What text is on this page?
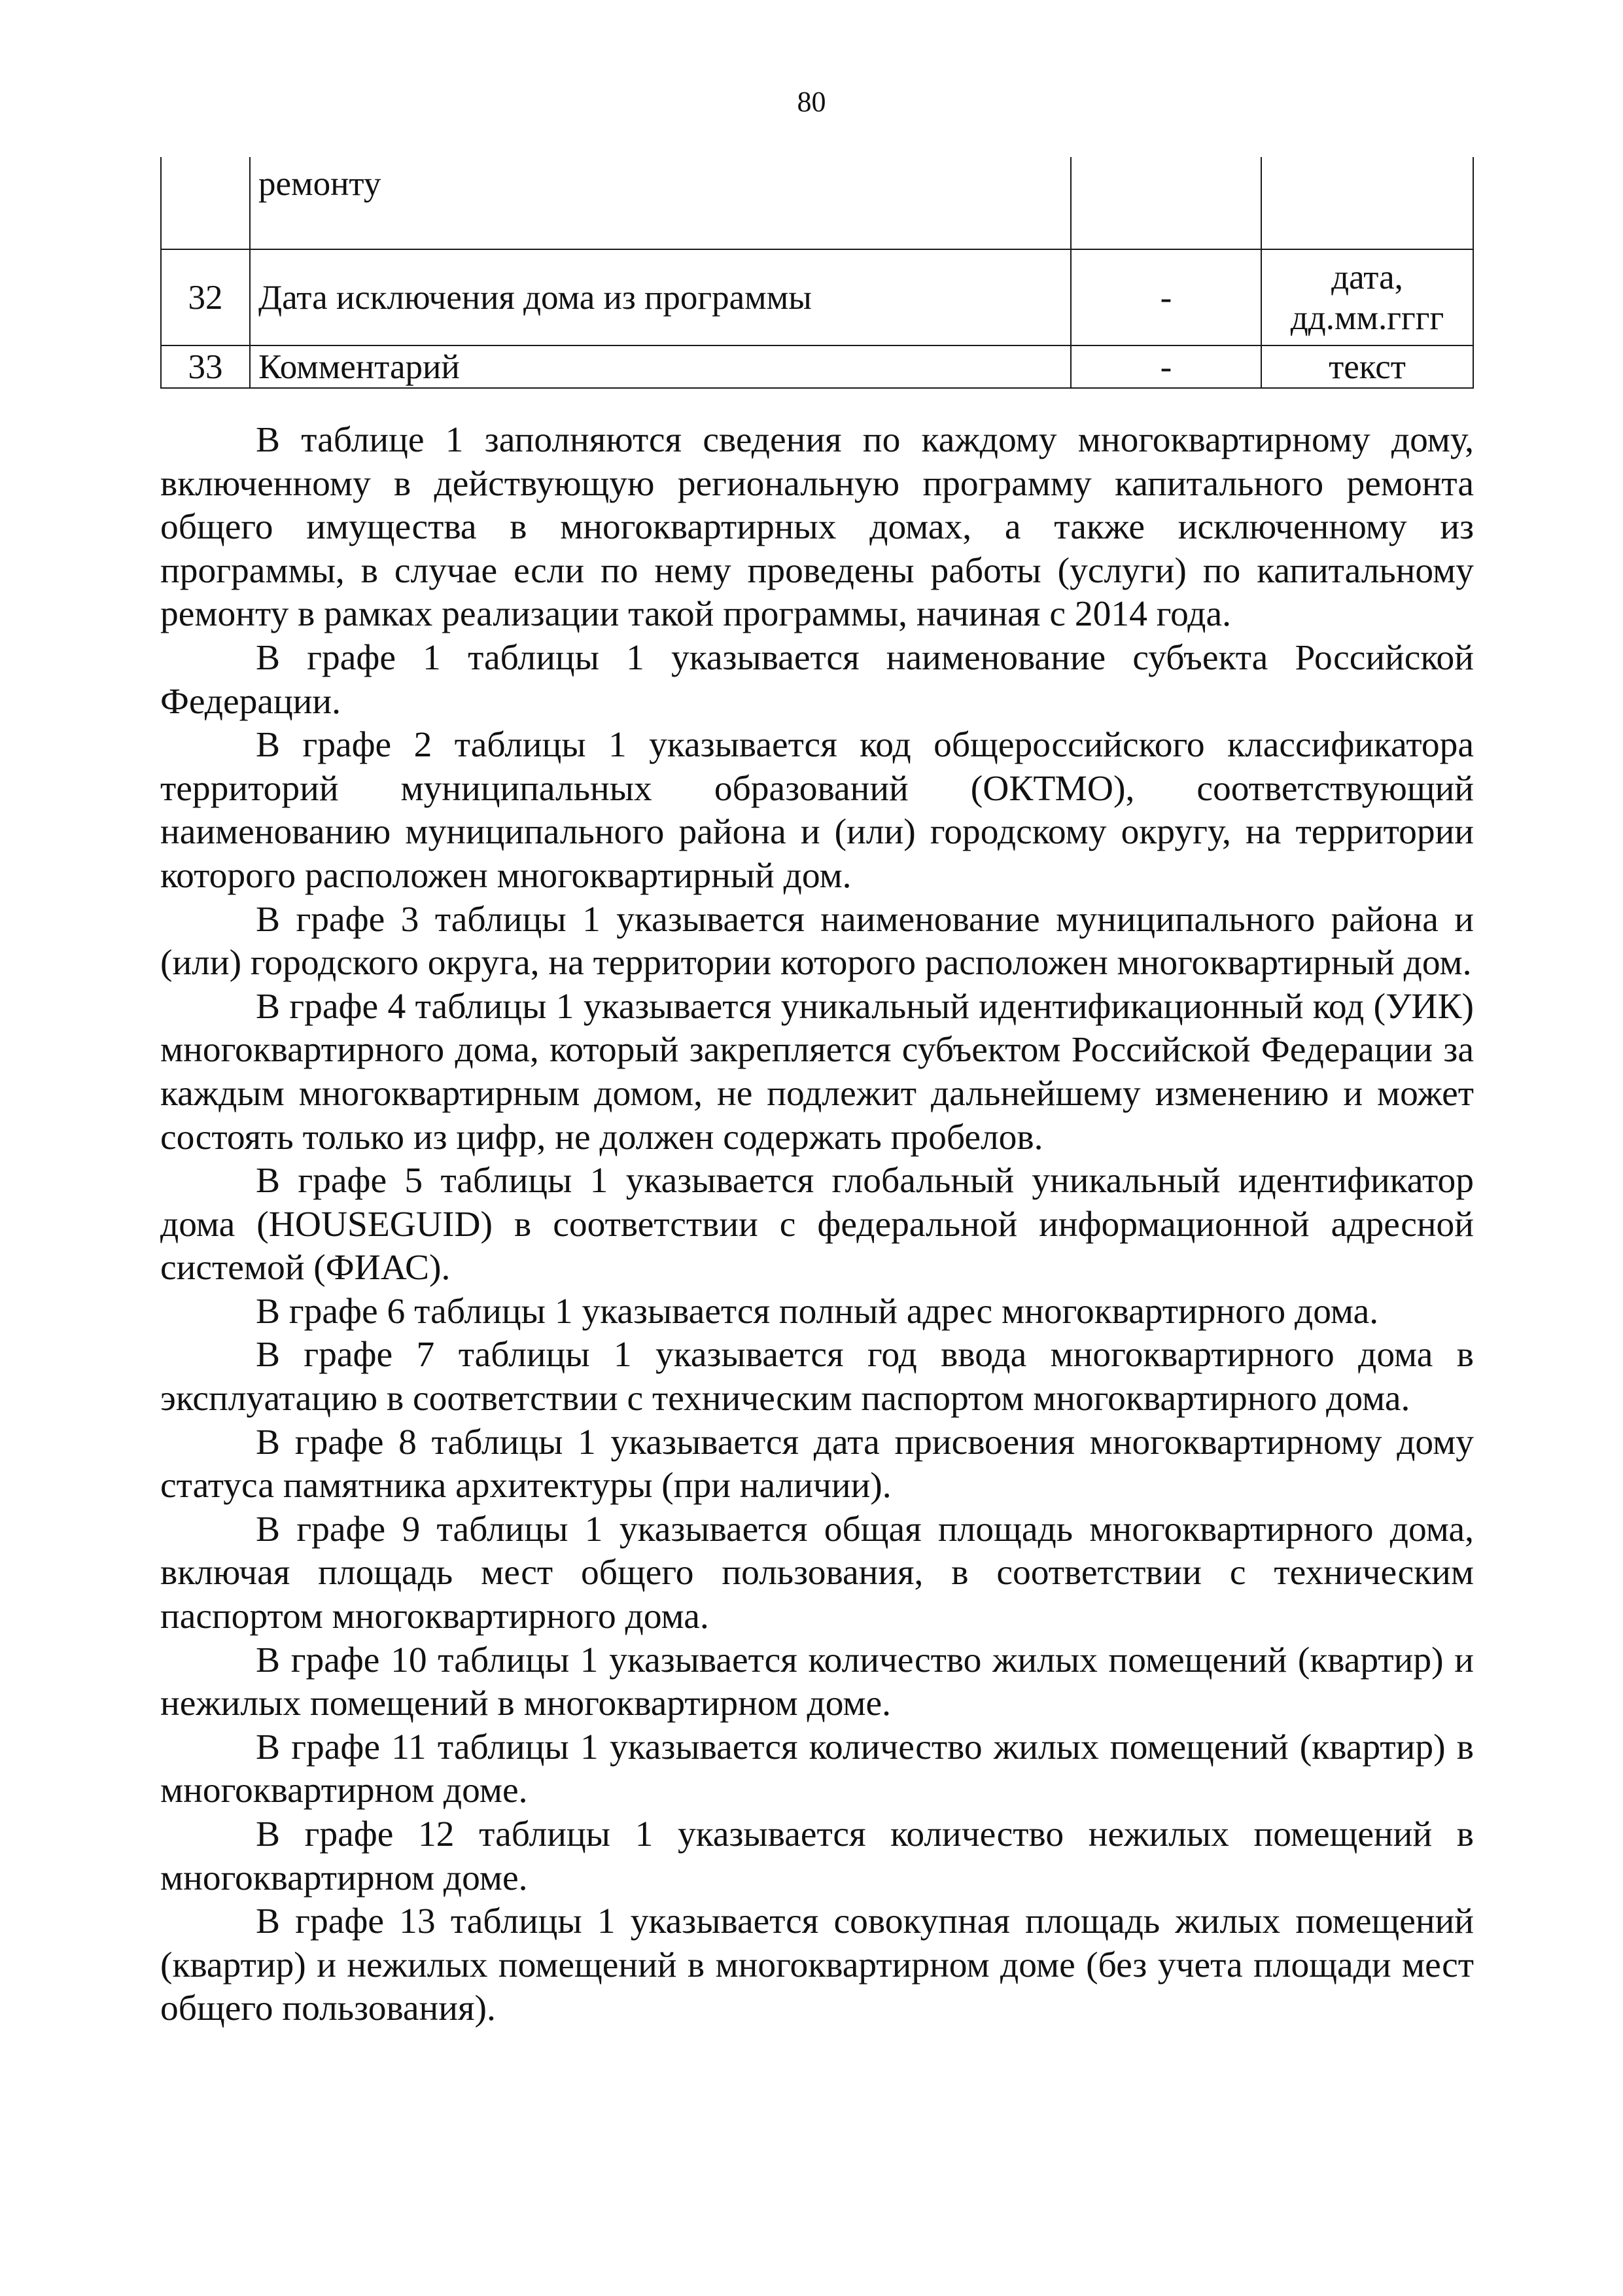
80
	ремонту		
32	Дата исключения дома из программы	-	дата,
дд.мм.гггг

33	Комментарий	-	текст

В таблице 1 заполняются сведения по каждому многоквартирному дому, включенному в действующую региональную программу капитального ремонта общего имущества в многоквартирных домах, а также исключенному из программы, в случае если по нему проведены работы (услуги) по капитальному ремонту в рамках реализации такой программы, начиная с 2014 года.

В графе 1 таблицы 1 указывается наименование субъекта Российской Федерации.

В графе 2 таблицы 1 указывается код общероссийского классификатора территорий муниципальных образований (ОКТМО), соответствующий наименованию муниципального района и (или) городскому округу, на территории которого расположен многоквартирный дом.

В графе 3 таблицы 1 указывается наименование муниципального района и (или) городского округа, на территории которого расположен многоквартирный дом.

В графе 4 таблицы 1 указывается уникальный идентификационный код (УИК) многоквартирного дома, который закрепляется субъектом Российской Федерации за каждым многоквартирным домом, не подлежит дальнейшему изменению и может состоять только из цифр, не должен содержать пробелов.

В графе 5 таблицы 1 указывается глобальный уникальный идентификатор дома (HOUSEGUID) в соответствии с федеральной информационной адресной системой (ФИАС).

В графе 6 таблицы 1 указывается полный адрес многоквартирного дома.

В графе 7 таблицы 1 указывается год ввода многоквартирного дома в эксплуатацию в соответствии с техническим паспортом многоквартирного дома.

В графе 8 таблицы 1 указывается дата присвоения многоквартирному дому статуса памятника архитектуры (при наличии).

В графе 9 таблицы 1 указывается общая площадь многоквартирного дома, включая площадь мест общего пользования, в соответствии с техническим паспортом многоквартирного дома.

В графе 10 таблицы 1 указывается количество жилых помещений (квартир) и нежилых помещений в многоквартирном доме.

В графе 11 таблицы 1 указывается количество жилых помещений (квартир) в многоквартирном доме.

В графе 12 таблицы 1 указывается количество нежилых помещений в многоквартирном доме.

В графе 13 таблицы 1 указывается совокупная площадь жилых помещений (квартир) и нежилых помещений в многоквартирном доме (без учета площади мест общего пользования).
